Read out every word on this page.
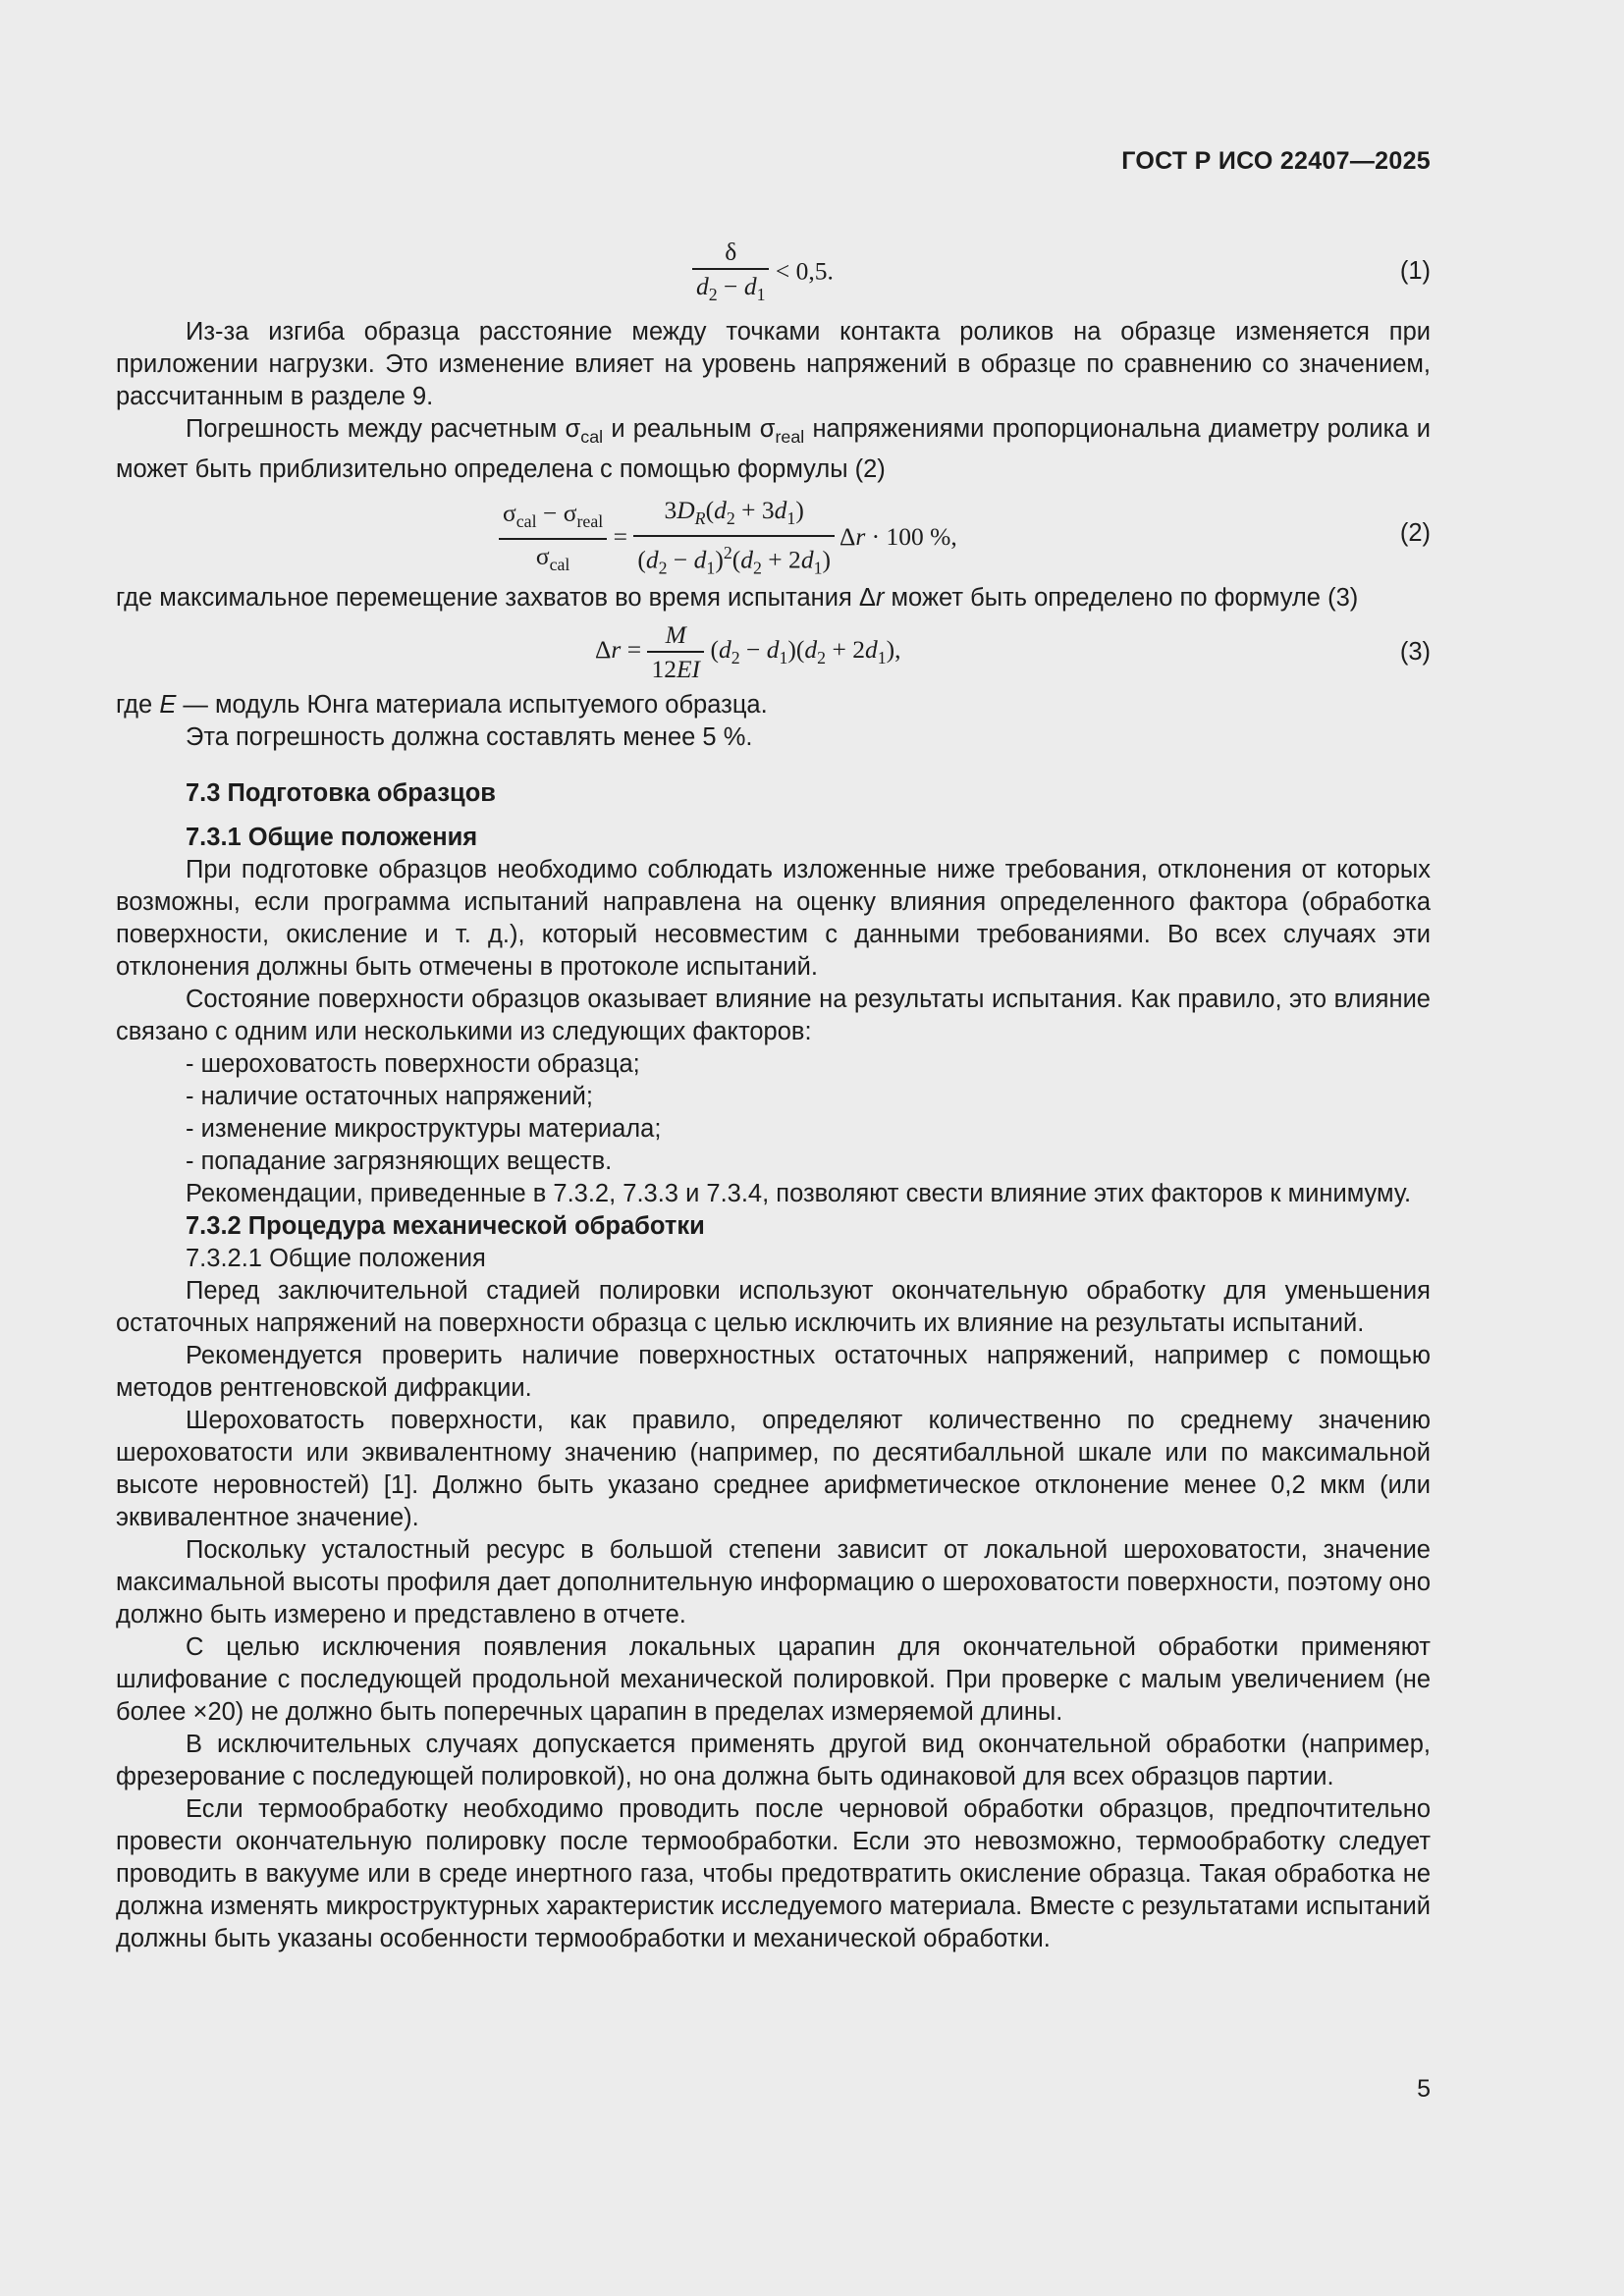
ГОСТ Р ИСО 22407—2025
$\frac{\delta}{d_2 - d_1} < 0,5$.	(1)

Из-за изгиба образца расстояние между точками контакта роликов на образце изменяется при приложении нагрузки. Это изменение влияет на уровень напряжений в образце по сравнению со значением, рассчитанным в разделе 9.

Погрешность между расчетным $\sigma_{cal}$ и реальным $\sigma_{real}$ напряжениями пропорциональна диаметру ролика и может быть приблизительно определена с помощью формулы (2)

$\frac{\sigma_{cal} - \sigma_{real}}{\sigma_{cal}} = \frac{3D_R(d_2 + 3d_1)}{(d_2 - d_1)^2(d_2 + 2d_1)}$ Δr · 100 %,	(2)

где максимальное перемещение захватов во время испытания Δr может быть определено по формуле (3)

$\Delta r = \frac{M}{12EI} (d_2 - d_1)(d_2 + 2d_1)$,	(3)

где E — модуль Юнга материала испытуемого образца.

Эта погрешность должна составлять менее 5 %.

7.3 Подготовка образцов

7.3.1 Общие положения

При подготовке образцов необходимо соблюдать изложенные ниже требования, отклонения от которых возможны, если программа испытаний направлена на оценку влияния определенного фактора (обработка поверхности, окисление и т. д.), который несовместим с данными требованиями. Во всех случаях эти отклонения должны быть отмечены в протоколе испытаний.

Состояние поверхности образцов оказывает влияние на результаты испытания. Как правило, это влияние связано с одним или несколькими из следующих факторов:

- шероховатость поверхности образца;

- наличие остаточных напряжений;

- изменение микроструктуры материала;

- попадание загрязняющих веществ.

Рекомендации, приведенные в 7.3.2, 7.3.3 и 7.3.4, позволяют свести влияние этих факторов к минимуму.

7.3.2 Процедура механической обработки

7.3.2.1 Общие положения

Перед заключительной стадией полировки используют окончательную обработку для уменьшения остаточных напряжений на поверхности образца с целью исключить их влияние на результаты испытаний.

Рекомендуется проверить наличие поверхностных остаточных напряжений, например с помощью методов рентгеновской дифракции.

Шероховатость поверхности, как правило, определяют количественно по среднему значению шероховатости или эквивалентному значению (например, по десятибалльной шкале или по максимальной высоте неровностей) [1]. Должно быть указано среднее арифметическое отклонение менее 0,2 мкм (или эквивалентное значение).

Поскольку усталостный ресурс в большой степени зависит от локальной шероховатости, значение максимальной высоты профиля дает дополнительную информацию о шероховатости поверхности, поэтому оно должно быть измерено и представлено в отчете.

С целью исключения появления локальных царапин для окончательной обработки применяют шлифование с последующей продольной механической полировкой. При проверке с малым увеличением (не более ×20) не должно быть поперечных царапин в пределах измеряемой длины.

В исключительных случаях допускается применять другой вид окончательной обработки (например, фрезерование с последующей полировкой), но она должна быть одинаковой для всех образцов партии.

Если термообработку необходимо проводить после черновой обработки образцов, предпочтительно провести окончательную полировку после термообработки. Если это невозможно, термообработку следует проводить в вакууме или в среде инертного газа, чтобы предотвратить окисление образца. Такая обработка не должна изменять микроструктурных характеристик исследуемого материала. Вместе с результатами испытаний должны быть указаны особенности термообработки и механической обработки.

5
